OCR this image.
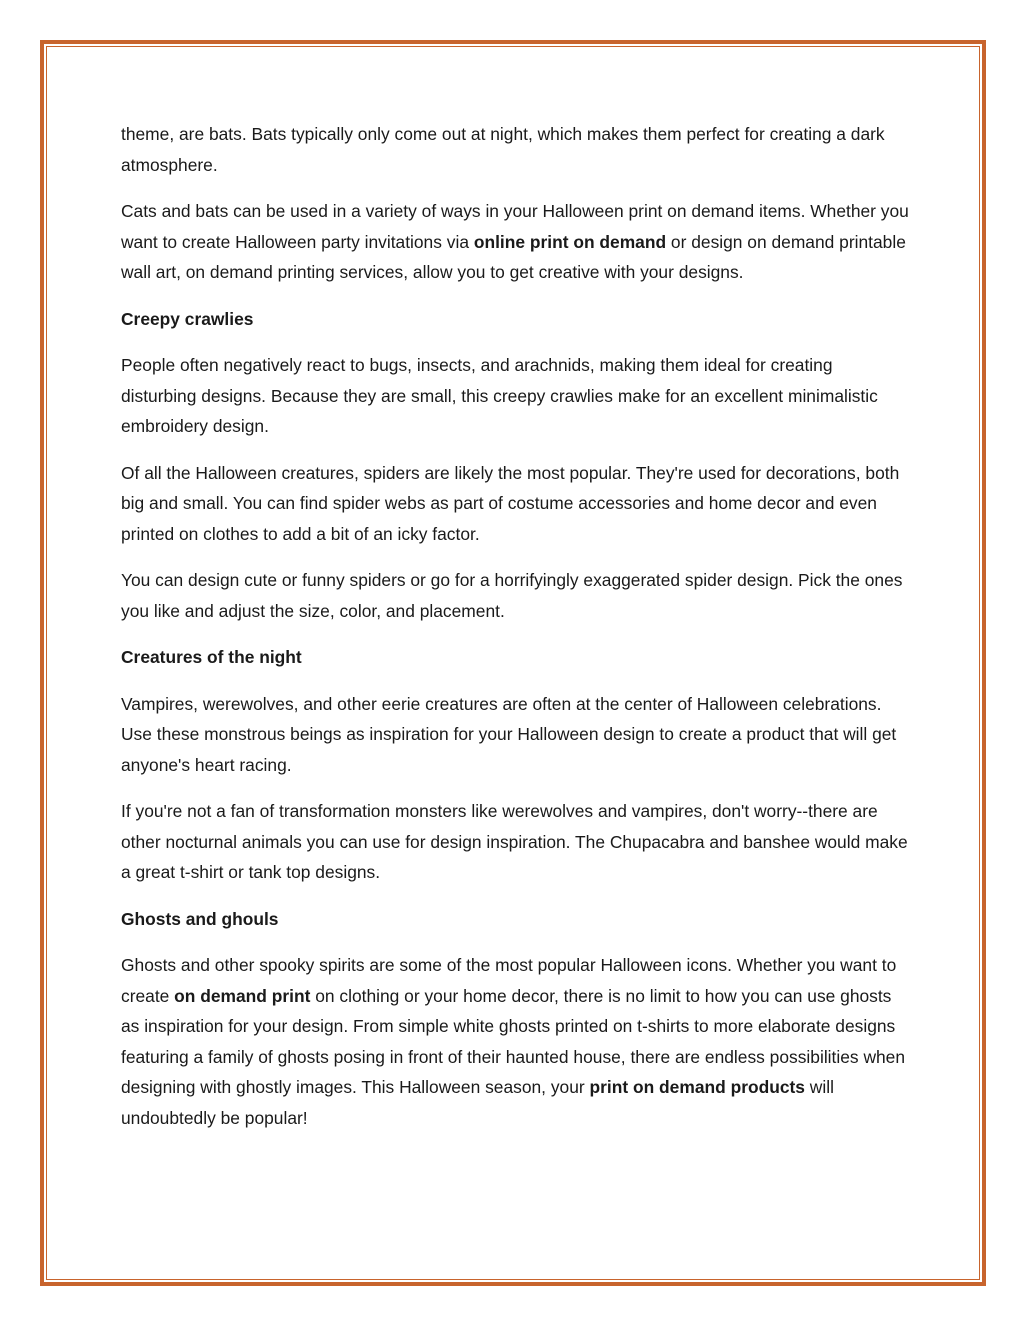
theme, are bats. Bats typically only come out at night, which makes them perfect for creating a dark atmosphere.

Cats and bats can be used in a variety of ways in your Halloween print on demand items. Whether you want to create Halloween party invitations via online print on demand or design on demand printable wall art, on demand printing services, allow you to get creative with your designs.

Creepy crawlies

People often negatively react to bugs, insects, and arachnids, making them ideal for creating disturbing designs. Because they are small, this creepy crawlies make for an excellent minimalistic embroidery design.

Of all the Halloween creatures, spiders are likely the most popular. They're used for decorations, both big and small. You can find spider webs as part of costume accessories and home decor and even printed on clothes to add a bit of an icky factor.

You can design cute or funny spiders or go for a horrifyingly exaggerated spider design. Pick the ones you like and adjust the size, color, and placement.

Creatures of the night

Vampires, werewolves, and other eerie creatures are often at the center of Halloween celebrations. Use these monstrous beings as inspiration for your Halloween design to create a product that will get anyone's heart racing.

If you're not a fan of transformation monsters like werewolves and vampires, don't worry--there are other nocturnal animals you can use for design inspiration. The Chupacabra and banshee would make a great t-shirt or tank top designs.

Ghosts and ghouls

Ghosts and other spooky spirits are some of the most popular Halloween icons. Whether you want to create on demand print on clothing or your home decor, there is no limit to how you can use ghosts as inspiration for your design. From simple white ghosts printed on t-shirts to more elaborate designs featuring a family of ghosts posing in front of their haunted house, there are endless possibilities when designing with ghostly images. This Halloween season, your print on demand products will undoubtedly be popular!
